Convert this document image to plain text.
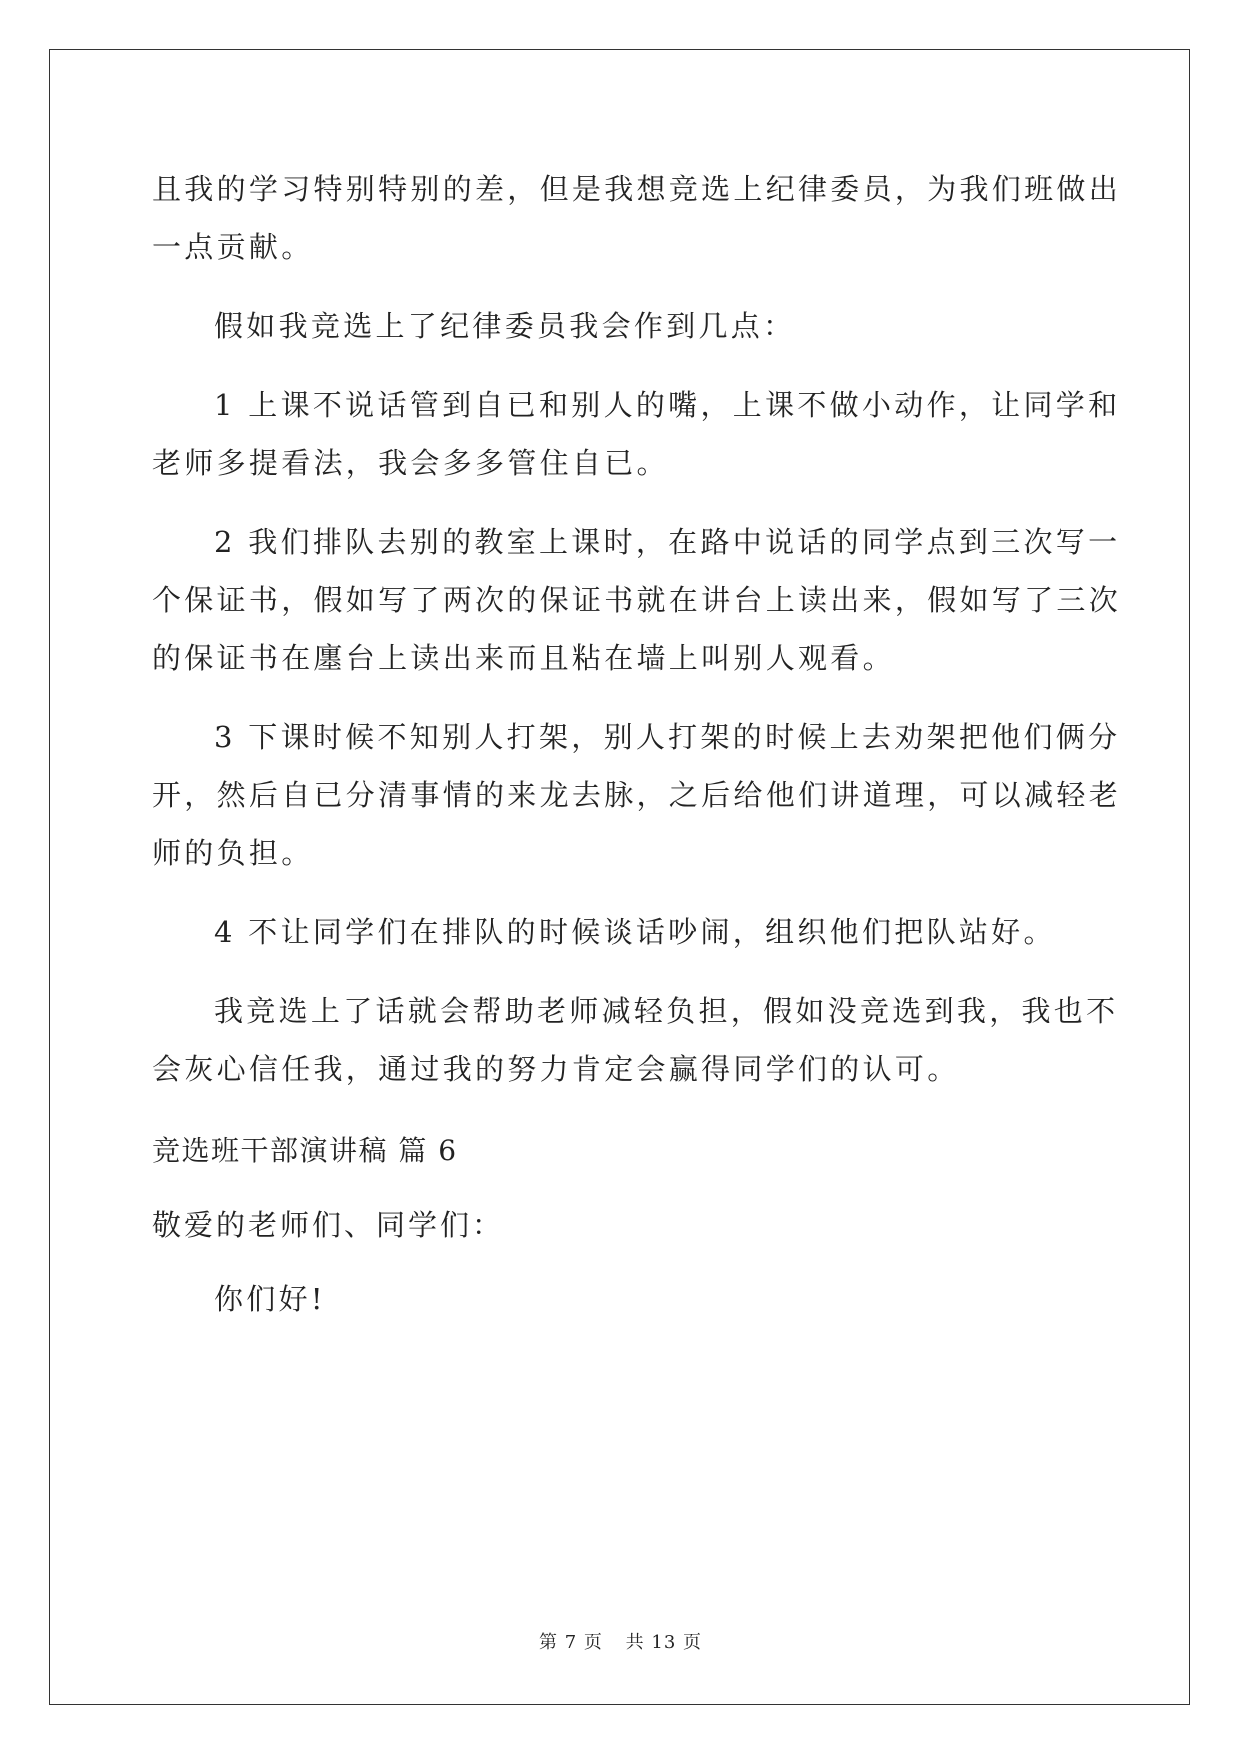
且我的学习特别特别的差，但是我想竞选上纪律委员，为我们班做出
一点贡献。
假如我竞选上了纪律委员我会作到几点：
1 上课不说话管到自已和别人的嘴，上课不做小动作，让同学和
老师多提看法，我会多多管住自已。
2 我们排队去别的教室上课时，在路中说话的同学点到三次写一
个保证书，假如写了两次的保证书就在讲台上读出来，假如写了三次
的保证书在廛台上读出来而且粘在墙上叫别人观看。
3 下课时候不知别人打架，别人打架的时候上去劝架把他们俩分
开，然后自已分清事情的来龙去脉，之后给他们讲道理，可以减轻老
师的负担。
4 不让同学们在排队的时候谈话吵闹，组织他们把队站好。
我竞选上了话就会帮助老师减轻负担，假如没竞选到我，我也不
会灰心信任我，通过我的努力肯定会赢得同学们的认可。
竞选班干部演讲稿 篇 6
敬爱的老师们、同学们：
你们好!
第 7 页 共 13 页
